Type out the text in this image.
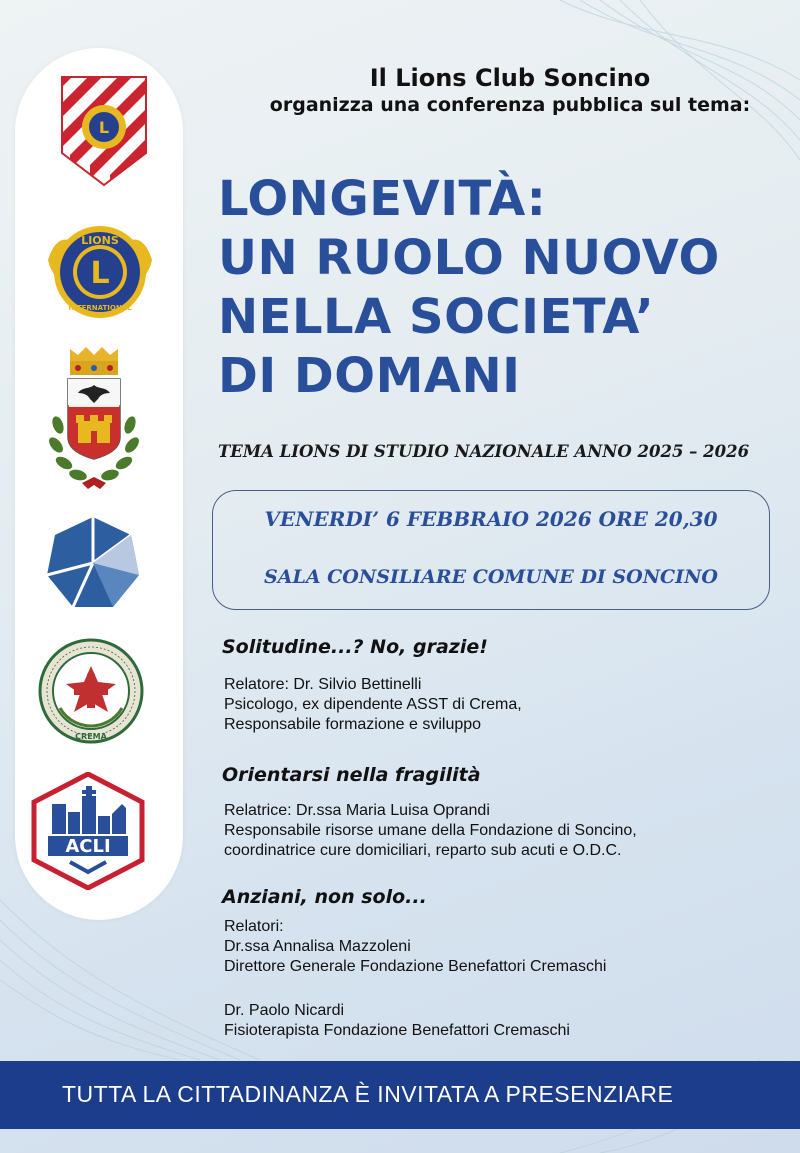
L
L
LIONS
INTERNATIONAL
CREMA
ACLI
Il Lions Club Soncino
organizza una conferenza pubblica sul tema:
LONGEVITÀ:
UN RUOLO NUOVO
NELLA SOCIETA’
DI DOMANI
TEMA LIONS DI STUDIO NAZIONALE ANNO 2025 – 2026
VENERDI’ 6 FEBBRAIO 2026 ORE 20,30
SALA CONSILIARE COMUNE DI SONCINO
Solitudine...? No, grazie!
Relatore: Dr. Silvio Bettinelli
Psicologo, ex dipendente ASST di Crema,
Responsabile formazione e sviluppo
Orientarsi nella fragilità
Relatrice: Dr.ssa Maria Luisa Oprandi
Responsabile risorse umane della Fondazione di Soncino,
coordinatrice cure domiciliari, reparto sub acuti e O.D.C.
Anziani, non solo...
Relatori:
Dr.ssa Annalisa Mazzoleni
Direttore Generale Fondazione Benefattori Cremaschi
Dr. Paolo Nicardi
Fisioterapista Fondazione Benefattori Cremaschi
TUTTA LA CITTADINANZA È INVITATA A PRESENZIARE
